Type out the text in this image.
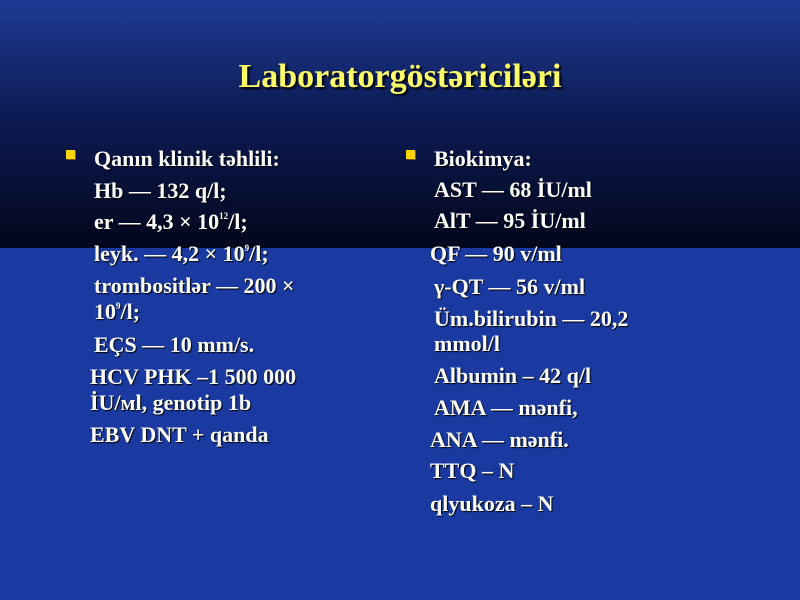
Laboratorgöstəriciləri
Qanın klinik təhlili:
Hb — 132 q/l;
er — $4,3 \times 10^{12}/l$;
leyk. — $4,2 \times 10^9/l$;
trombositlər — 200 ×
$10^9/l$;
EÇS — 10 mm/s.
HCV PHK –1 500 000
İU/мl, genotip 1b
EBV DNT + qanda
Biokimya:
AST — 68 İU/ml
AlT — 95 İU/ml
QF — 90 v/ml
γ-QT — 56 v/ml
Üm.bilirubin — 20,2
mmol/l
Albumin – 42 q/l
AMA — mənfi,
ANA — mənfi.
TTQ – N
qlyukoza – N
